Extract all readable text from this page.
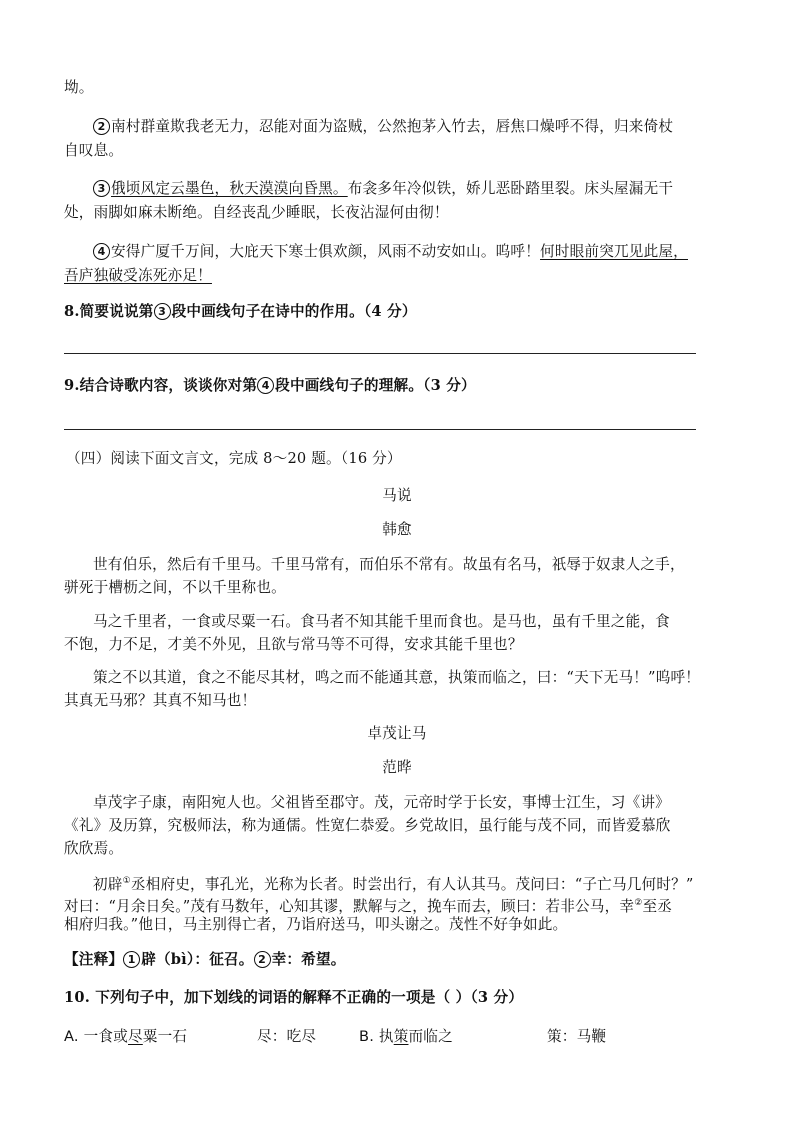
坳。
2 南村群童欺我老无力，忍能对面为盗贼，公然抱茅入竹去，唇焦口燥呼不得，归来倚杖
自叹息。
3 俄顷风定云墨色，秋天漠漠向昏黑。布衾多年冷似铁，娇儿恶卧踏里裂。床头屋漏无干
处，雨脚如麻未断绝。自经丧乱少睡眠，长夜沾湿何由彻！
4 安得广厦千万间，大庇天下寒士俱欢颜，风雨不动安如山。呜呼！何时眼前突兀见此屋，
吾庐独破受冻死亦足！
8.简要说说第 3 段中画线句子在诗中的作用。（4 分）
9.结合诗歌内容，谈谈你对第 4 段中画线句子的理解。（3 分）
（四）阅读下面文言文，完成 8～20 题。（16 分）
马说
韩愈
世有伯乐，然后有千里马。千里马常有，而伯乐不常有。故虽有名马，祇辱于奴隶人之手，
骈死于槽枥之间，不以千里称也。
马之千里者，一食或尽粟一石。食马者不知其能千里而食也。是马也，虽有千里之能，食
不饱，力不足，才美不外见，且欲与常马等不可得，安求其能千里也？
策之不以其道，食之不能尽其材，鸣之而不能通其意，执策而临之，曰：“天下无马！”呜呼！
其真无马邪？其真不知马也！
卓茂让马
范晔
卓茂字子康，南阳宛人也。父祖皆至郡守。茂，元帝时学于长安，事博士江生，习《讲》
《礼》及历算，究极师法，称为通儒。性宽仁恭爱。乡党故旧，虽行能与茂不同，而皆爱慕欣
欣欣焉。
初辟①丞相府史，事孔光，光称为长者。时尝出行，有人认其马。茂问曰：“子亡马几何时？”
对曰：“月余日矣。”茂有马数年，心知其谬，默解与之，挽车而去，顾曰：若非公马，幸②至丞
相府归我。”他日，马主别得亡者，乃诣府送马，叩头谢之。茂性不好争如此。
【注释】 1 辟（bì）：征召。 2 幸：希望。
10. 下列句子中，加下划线的词语的解释不正确的一项是（ ）（3 分）
A. 一食或尽粟一石	尽：吃尽	B. 执策而临之	策：马鞭
